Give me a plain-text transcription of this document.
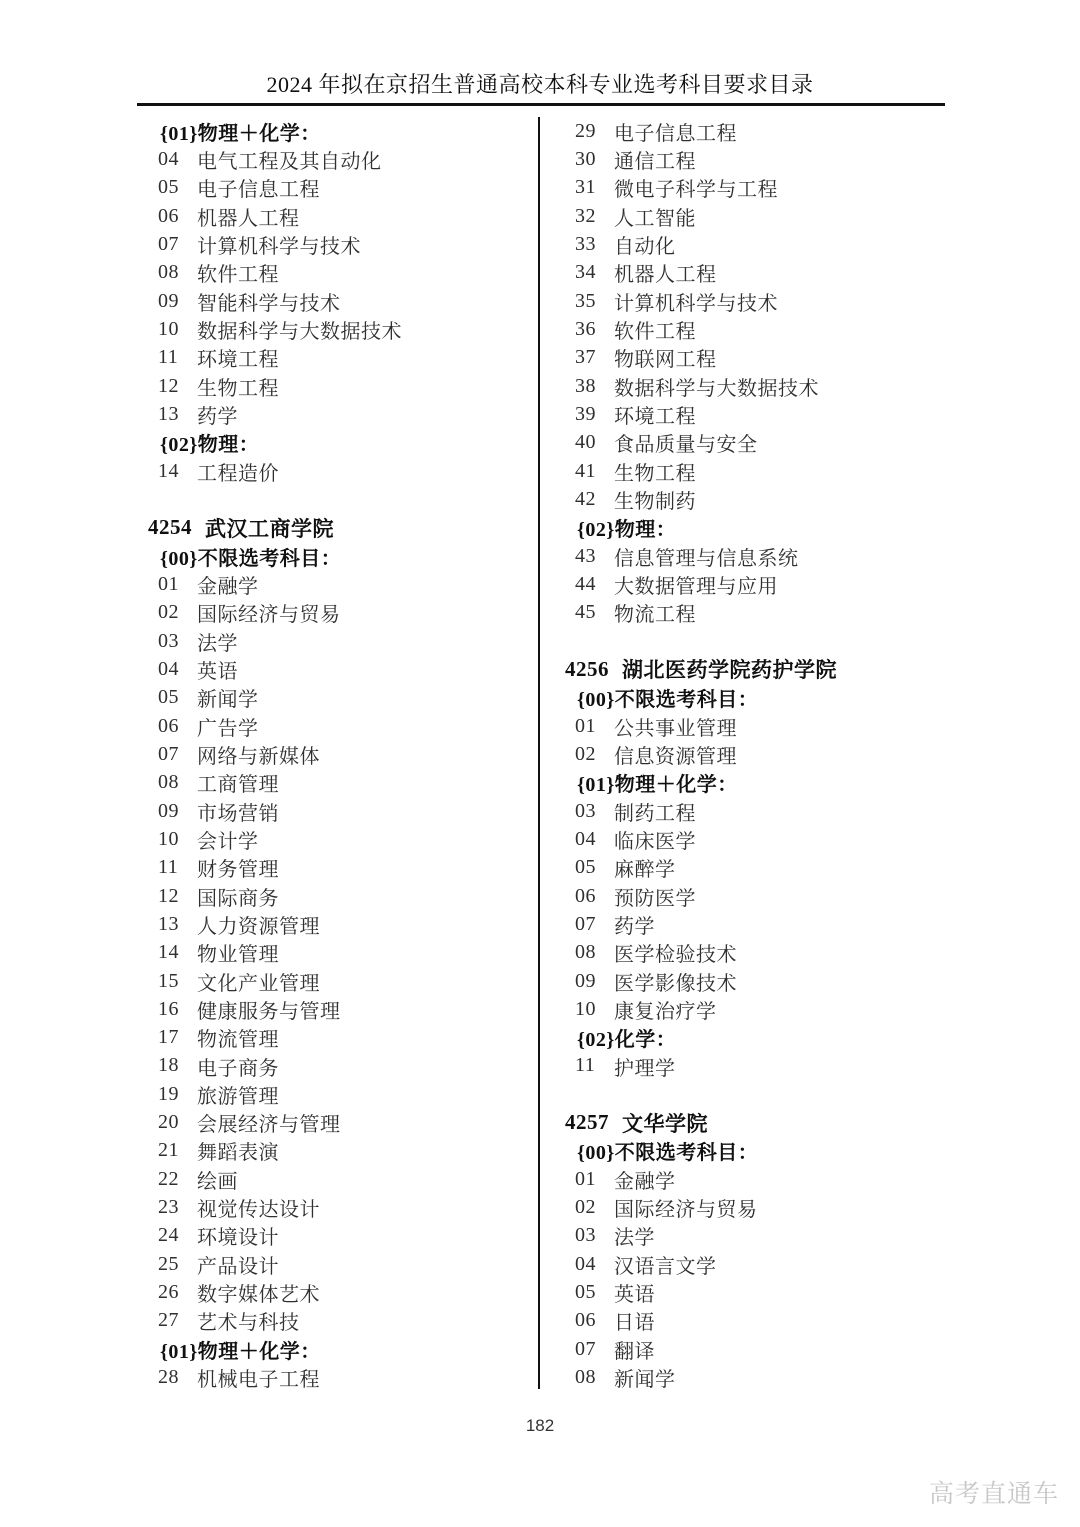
2024 年拟在京招生普通高校本科专业选考科目要求目录
{01}物理＋化学：
04 电气工程及其自动化
05 电子信息工程
06 机器人工程
07 计算机科学与技术
08 软件工程
09 智能科学与技术
10 数据科学与大数据技术
11 环境工程
12 生物工程
13 药学
{02}物理：
14 工程造价
4254 武汉工商学院
{00}不限选考科目：
01 金融学
02 国际经济与贸易
03 法学
04 英语
05 新闻学
06 广告学
07 网络与新媒体
08 工商管理
09 市场营销
10 会计学
11 财务管理
12 国际商务
13 人力资源管理
14 物业管理
15 文化产业管理
16 健康服务与管理
17 物流管理
18 电子商务
19 旅游管理
20 会展经济与管理
21 舞蹈表演
22 绘画
23 视觉传达设计
24 环境设计
25 产品设计
26 数字媒体艺术
27 艺术与科技
{01}物理＋化学：
28 机械电子工程
29 电子信息工程
30 通信工程
31 微电子科学与工程
32 人工智能
33 自动化
34 机器人工程
35 计算机科学与技术
36 软件工程
37 物联网工程
38 数据科学与大数据技术
39 环境工程
40 食品质量与安全
41 生物工程
42 生物制药
{02}物理：
43 信息管理与信息系统
44 大数据管理与应用
45 物流工程
4256 湖北医药学院药护学院
{00}不限选考科目：
01 公共事业管理
02 信息资源管理
{01}物理＋化学：
03 制药工程
04 临床医学
05 麻醉学
06 预防医学
07 药学
08 医学检验技术
09 医学影像技术
10 康复治疗学
{02}化学：
11 护理学
4257 文华学院
{00}不限选考科目：
01 金融学
02 国际经济与贸易
03 法学
04 汉语言文学
05 英语
06 日语
07 翻译
08 新闻学
182
高考直通车
